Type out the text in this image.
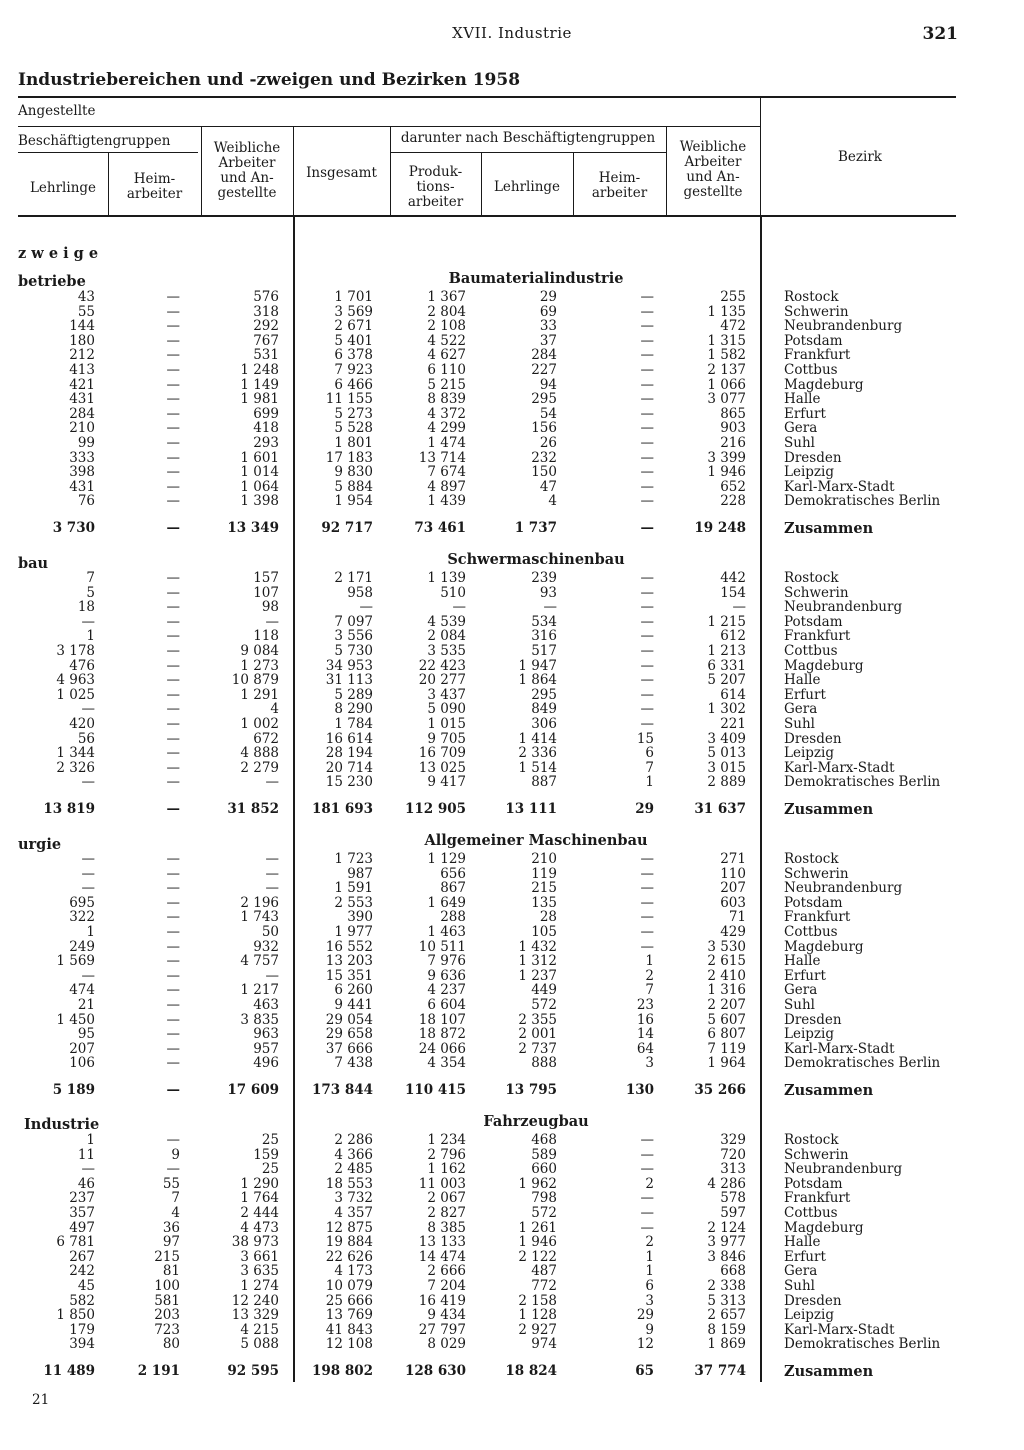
XVII. Industrie	321
Industriebereichen und -zweigen und Bezirken 1958
Angestellte
Beschäftigtengruppen
Lehrlinge
Heim-
arbeiter
Weibliche
Arbeiter
und An-
gestellte
Insgesamt
darunter nach Beschäftigtengruppen
Produk-
tions-
arbeiter
Lehrlinge
Heim-
arbeiter
Weibliche
Arbeiter
und An-
gestellte
Bezirk
z w e i g e
betriebe
bau
urgie
Industrie
Baumaterialindustrie
43	—	576	1 701	1 367	29	—	255	Rostock
55	—	318	3 569	2 804	69	—	1 135	Schwerin
144	—	292	2 671	2 108	33	—	472	Neubrandenburg
180	—	767	5 401	4 522	37	—	1 315	Potsdam
212	—	531	6 378	4 627	284	—	1 582	Frankfurt
413	—	1 248	7 923	6 110	227	—	2 137	Cottbus
421	—	1 149	6 466	5 215	94	—	1 066	Magdeburg
431	—	1 981	11 155	8 839	295	—	3 077	Halle
284	—	699	5 273	4 372	54	—	865	Erfurt
210	—	418	5 528	4 299	156	—	903	Gera
99	—	293	1 801	1 474	26	—	216	Suhl
333	—	1 601	17 183	13 714	232	—	3 399	Dresden
398	—	1 014	9 830	7 674	150	—	1 946	Leipzig
431	—	1 064	5 884	4 897	47	—	652	Karl-Marx-Stadt
76	—	1 398	1 954	1 439	4	—	228	Demokratisches Berlin
3 730	—	13 349	92 717	73 461	1 737	—	19 248	Zusammen
Schwermaschinenbau
7	—	157	2 171	1 139	239	—	442	Rostock
5	—	107	958	510	93	—	154	Schwerin
18	—	98	—	—	—	—	—	Neubrandenburg
—	—	—	7 097	4 539	534	—	1 215	Potsdam
1	—	118	3 556	2 084	316	—	612	Frankfurt
3 178	—	9 084	5 730	3 535	517	—	1 213	Cottbus
476	—	1 273	34 953	22 423	1 947	—	6 331	Magdeburg
4 963	—	10 879	31 113	20 277	1 864	—	5 207	Halle
1 025	—	1 291	5 289	3 437	295	—	614	Erfurt
—	—	4	8 290	5 090	849	—	1 302	Gera
420	—	1 002	1 784	1 015	306	—	221	Suhl
56	—	672	16 614	9 705	1 414	15	3 409	Dresden
1 344	—	4 888	28 194	16 709	2 336	6	5 013	Leipzig
2 326	—	2 279	20 714	13 025	1 514	7	3 015	Karl-Marx-Stadt
—	—	—	15 230	9 417	887	1	2 889	Demokratisches Berlin
13 819	—	31 852	181 693	112 905	13 111	29	31 637	Zusammen
Allgemeiner Maschinenbau
—	—	—	1 723	1 129	210	—	271	Rostock
—	—	—	987	656	119	—	110	Schwerin
—	—	—	1 591	867	215	—	207	Neubrandenburg
695	—	2 196	2 553	1 649	135	—	603	Potsdam
322	—	1 743	390	288	28	—	71	Frankfurt
1	—	50	1 977	1 463	105	—	429	Cottbus
249	—	932	16 552	10 511	1 432	—	3 530	Magdeburg
1 569	—	4 757	13 203	7 976	1 312	1	2 615	Halle
—	—	—	15 351	9 636	1 237	2	2 410	Erfurt
474	—	1 217	6 260	4 237	449	7	1 316	Gera
21	—	463	9 441	6 604	572	23	2 207	Suhl
1 450	—	3 835	29 054	18 107	2 355	16	5 607	Dresden
95	—	963	29 658	18 872	2 001	14	6 807	Leipzig
207	—	957	37 666	24 066	2 737	64	7 119	Karl-Marx-Stadt
106	—	496	7 438	4 354	888	3	1 964	Demokratisches Berlin
5 189	—	17 609	173 844	110 415	13 795	130	35 266	Zusammen
Fahrzeugbau
1	—	25	2 286	1 234	468	—	329	Rostock
11	9	159	4 366	2 796	589	—	720	Schwerin
—	—	25	2 485	1 162	660	—	313	Neubrandenburg
46	55	1 290	18 553	11 003	1 962	2	4 286	Potsdam
237	7	1 764	3 732	2 067	798	—	578	Frankfurt
357	4	2 444	4 357	2 827	572	—	597	Cottbus
497	36	4 473	12 875	8 385	1 261	—	2 124	Magdeburg
6 781	97	38 973	19 884	13 133	1 946	2	3 977	Halle
267	215	3 661	22 626	14 474	2 122	1	3 846	Erfurt
242	81	3 635	4 173	2 666	487	1	668	Gera
45	100	1 274	10 079	7 204	772	6	2 338	Suhl
582	581	12 240	25 666	16 419	2 158	3	5 313	Dresden
1 850	203	13 329	13 769	9 434	1 128	29	2 657	Leipzig
179	723	4 215	41 843	27 797	2 927	9	8 159	Karl-Marx-Stadt
394	80	5 088	12 108	8 029	974	12	1 869	Demokratisches Berlin
11 489	2 191	92 595	198 802	128 630	18 824	65	37 774	Zusammen
21
